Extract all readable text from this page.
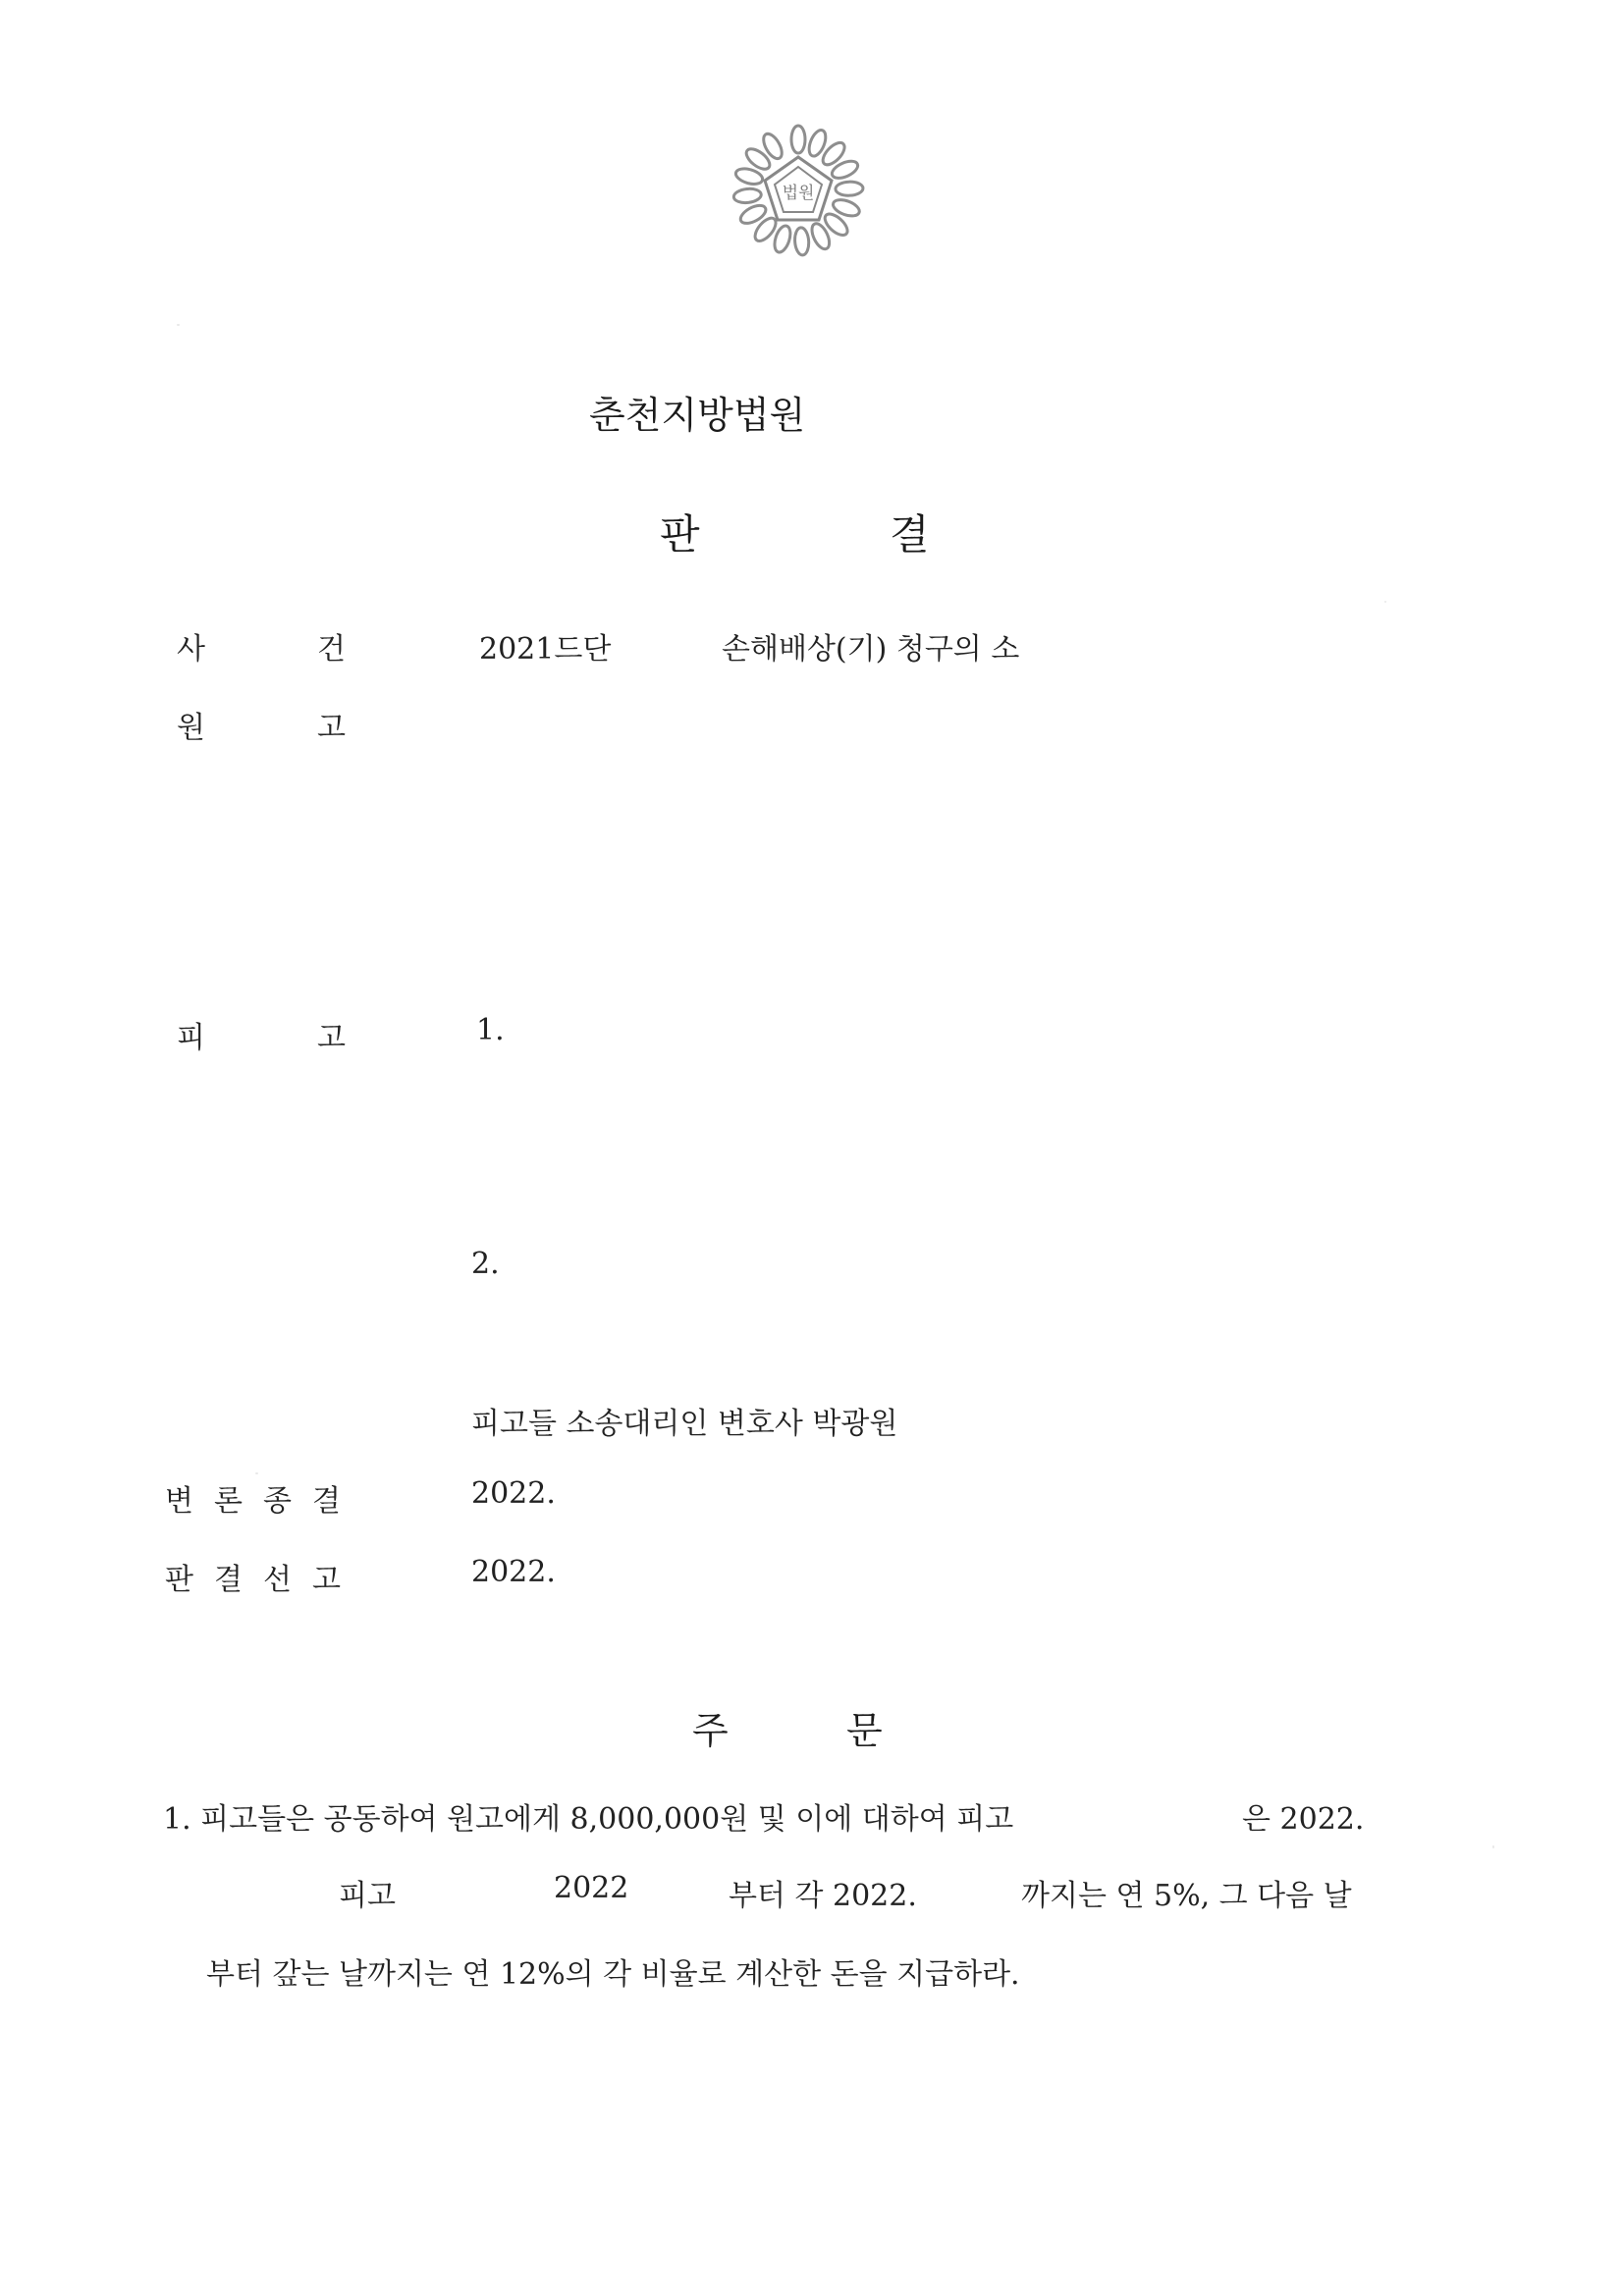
법원
춘천지방법원
판	결
사	건	2021드단	손해배상(기) 청구의 소
원	고
피	고	1.
2.
피고들 소송대리인 변호사 박광원
변 론 종 결	2022.
판 결 선 고	2022.
주	문
1. 피고들은 공동하여 원고에게 8,000,000원 및 이에 대하여 피고	은 2022.
피고	2022	부터 각 2022.	까지는 연 5%, 그 다음 날
부터 갚는 날까지는 연 12%의 각 비율로 계산한 돈을 지급하라.
